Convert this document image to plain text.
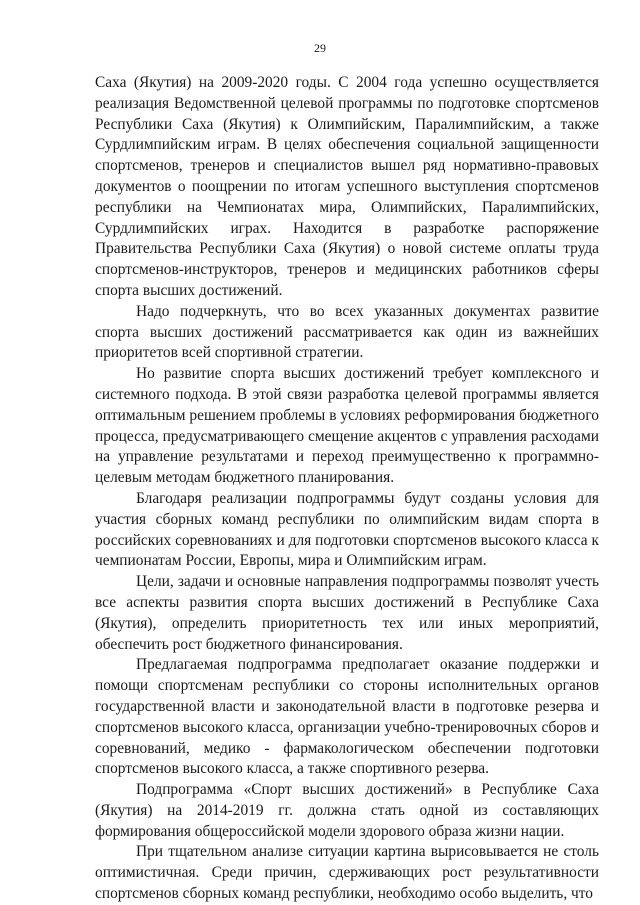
29

Саха (Якутия) на 2009-2020 годы. С 2004 года успешно осуществляется реализация Ведомственной целевой программы по подготовке спортсменов Республики Саха (Якутия) к Олимпийским, Паралимпийским, а также Сурдлимпийским играм. В целях обеспечения социальной защищенности спортсменов, тренеров и специалистов вышел ряд нормативно-правовых документов о поощрении по итогам успешного выступления спортсменов республики на Чемпионатах мира, Олимпийских, Паралимпийских, Сурдлимпийских играх. Находится в разработке распоряжение Правительства Республики Саха (Якутия) о новой системе оплаты труда спортсменов-инструкторов, тренеров и медицинских работников сферы спорта высших достижений.

Надо подчеркнуть, что во всех указанных документах развитие спорта высших достижений рассматривается как один из важнейших приоритетов всей спортивной стратегии.

Но развитие спорта высших достижений требует комплексного и системного подхода. В этой связи разработка целевой программы является оптимальным решением проблемы в условиях реформирования бюджетного процесса, предусматривающего смещение акцентов с управления расходами на управление результатами и переход преимущественно к программно-целевым методам бюджетного планирования.

Благодаря реализации подпрограммы будут созданы условия для участия сборных команд республики по олимпийским видам спорта в российских соревнованиях и для подготовки спортсменов высокого класса к чемпионатам России, Европы, мира и Олимпийским играм.

Цели, задачи и основные направления подпрограммы позволят учесть все аспекты развития спорта высших достижений в Республике Саха (Якутия), определить приоритетность тех или иных мероприятий, обеспечить рост бюджетного финансирования.

Предлагаемая подпрограмма предполагает оказание поддержки и помощи спортсменам республики со стороны исполнительных органов государственной власти и законодательной власти в подготовке резерва и спортсменов высокого класса, организации учебно-тренировочных сборов и соревнований, медико - фармакологическом обеспечении подготовки спортсменов высокого класса, а также спортивного резерва.

Подпрограмма «Спорт высших достижений» в Республике Саха (Якутия) на 2014-2019 гг. должна стать одной из составляющих формирования общероссийской модели здорового образа жизни нации.

При тщательном анализе ситуации картина вырисовывается не столь оптимистичная. Среди причин, сдерживающих рост результативности спортсменов сборных команд республики, необходимо особо выделить, что
